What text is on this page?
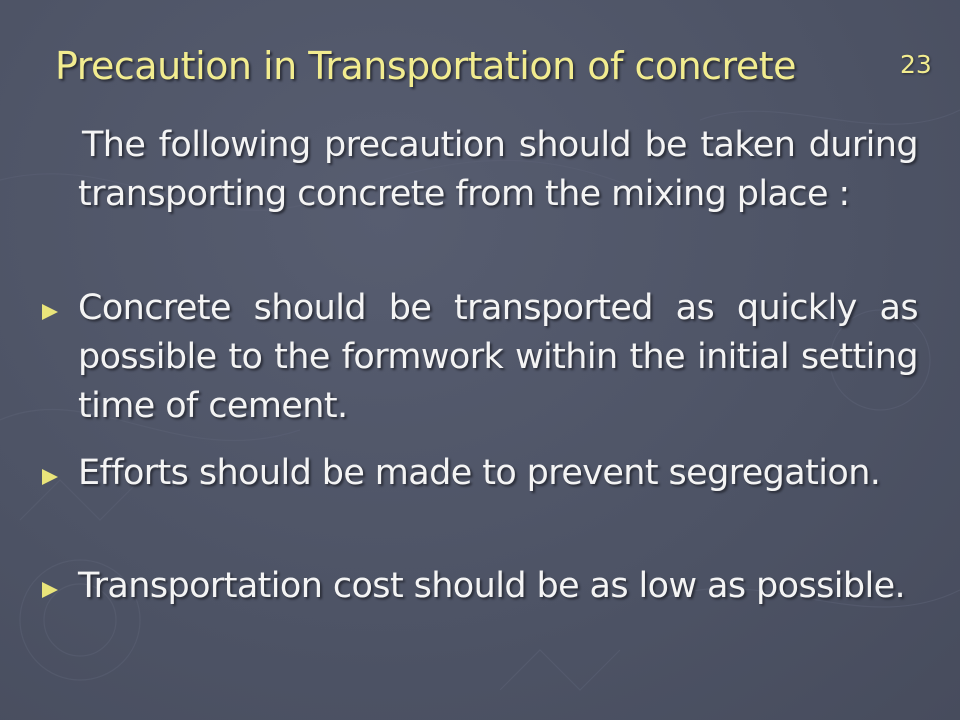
Precaution in Transportation of concrete	23
The following precaution should be taken during transporting concrete from the mixing place :
Concrete should be transported as quickly as possible to the formwork within the initial setting time of cement.
Efforts should be made to prevent segregation.
Transportation cost should be as low as possible.
